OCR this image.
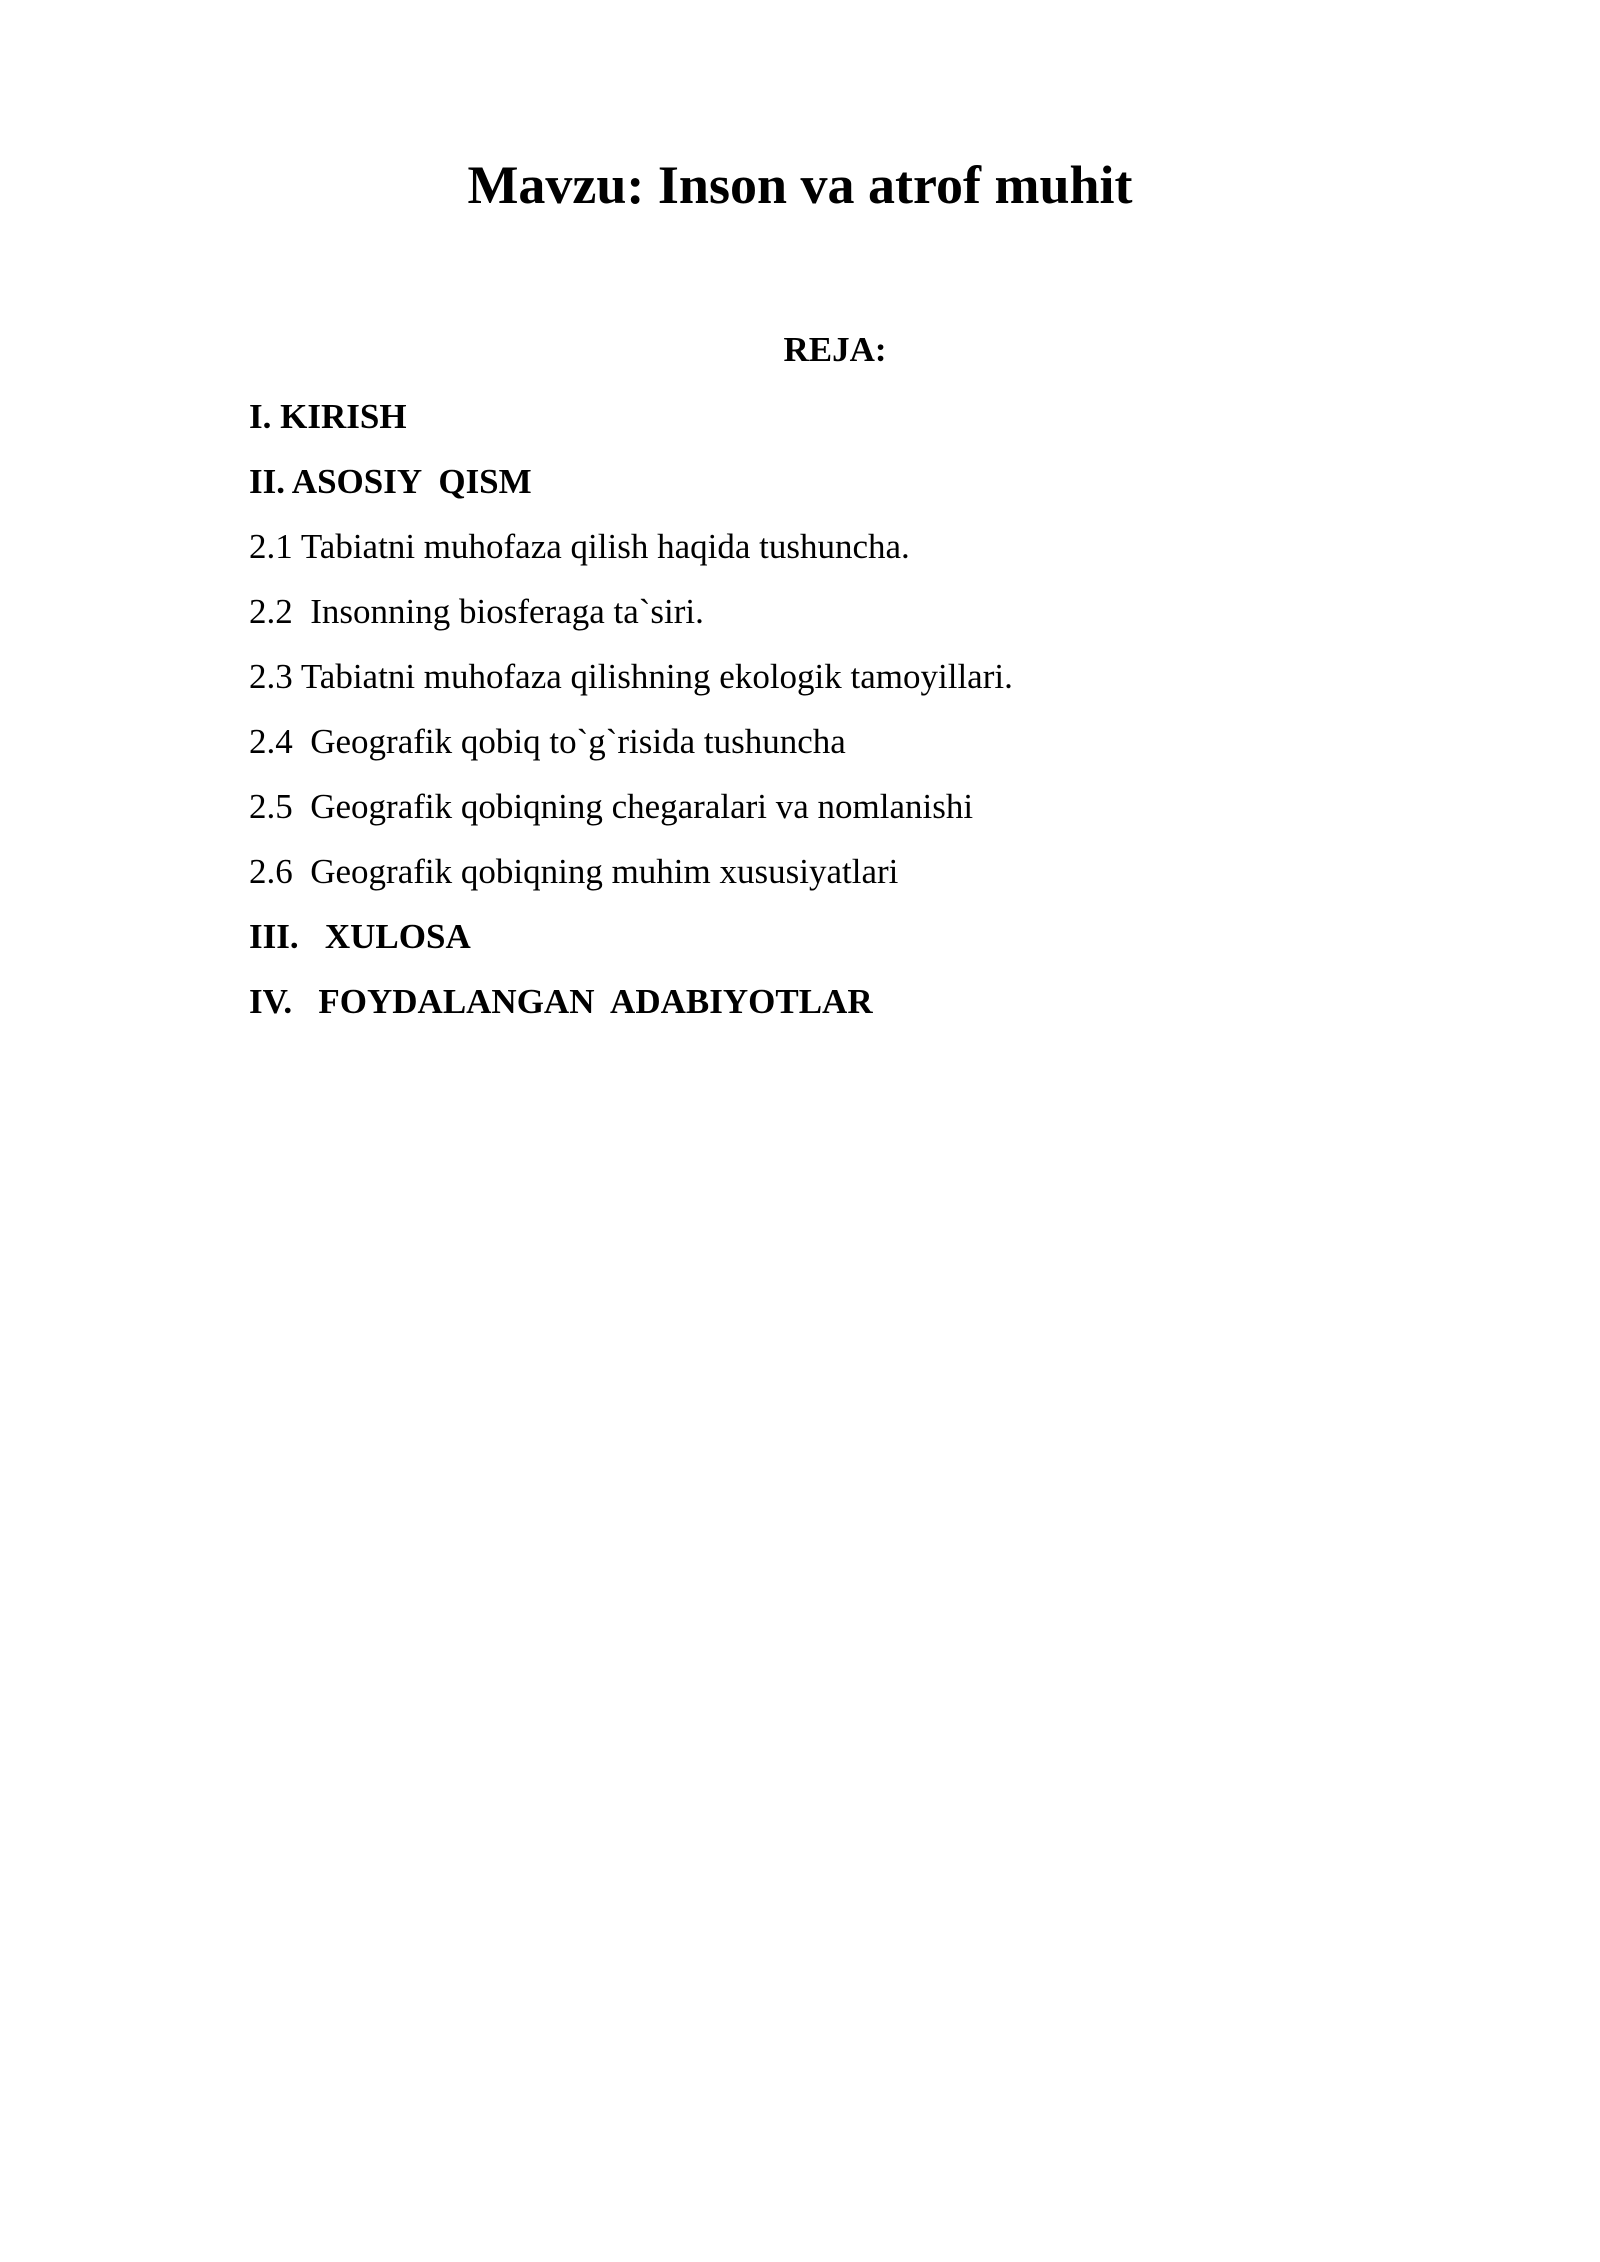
Mavzu: Inson va atrof muhit
REJA:
I. KIRISH
II. ASOSIY  QISM
2.1 Tabiatni muhofaza qilish haqida tushuncha.
2.2  Insonning biosferaga ta`siri.
2.3 Tabiatni muhofaza qilishning ekologik tamoyillari.
2.4  Geografik qobiq to`g`risida tushuncha
2.5  Geografik qobiqning chegaralari va nomlanishi
2.6  Geografik qobiqning muhim xususiyatlari
III.   XULOSA
IV.   FOYDALANGAN  ADABIYOTLAR
